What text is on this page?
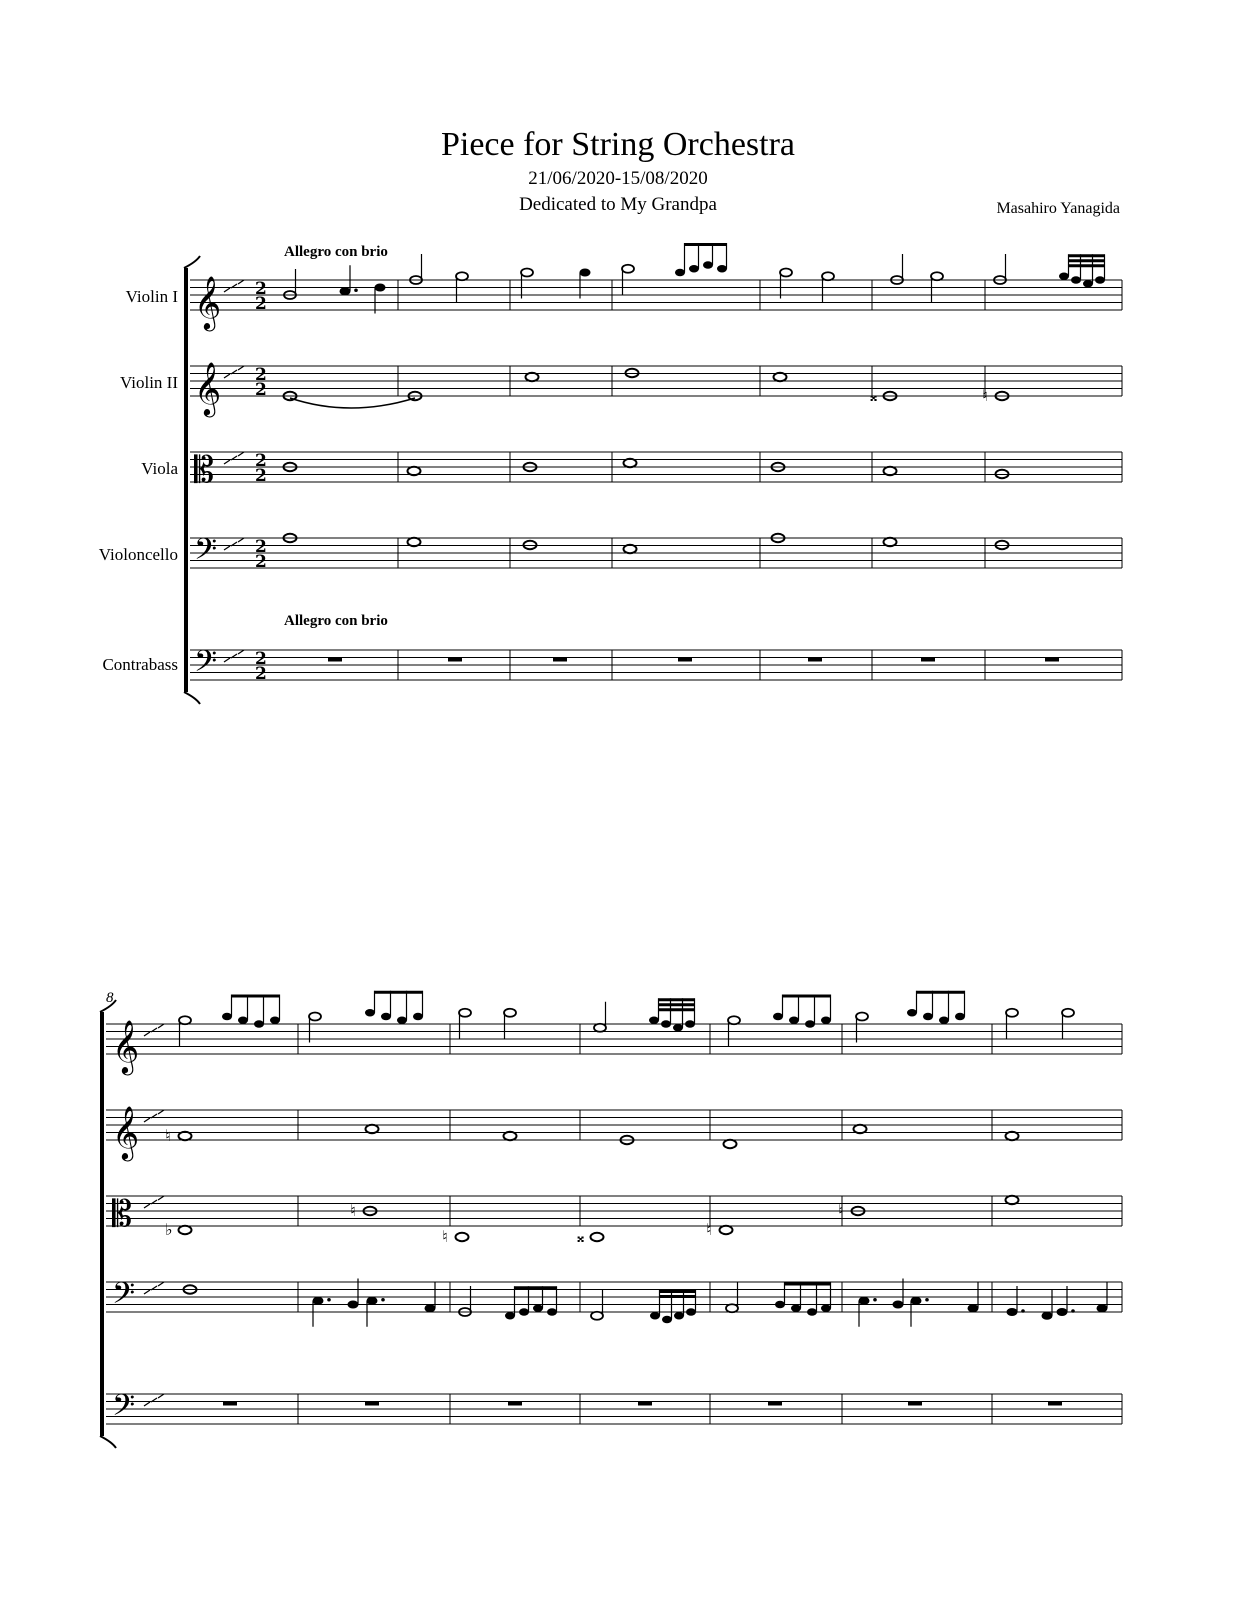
Piece for String Orchestra
21/06/2020-15/08/2020
Dedicated to My Grandpa	Masahiro Yanagida
𝄞 2
2
𝄞 2
2
𝄡 2
2
𝄢 2
2
𝄢 2
2
𝄪	♮
𝄞
𝄞
𝄡
𝄢
𝄢
♮
♭
♮
♮	𝄪	♮
♮
Violin I
Violin II
Viola
Violoncello
Contrabass
Allegro con brio
Allegro con brio
8
